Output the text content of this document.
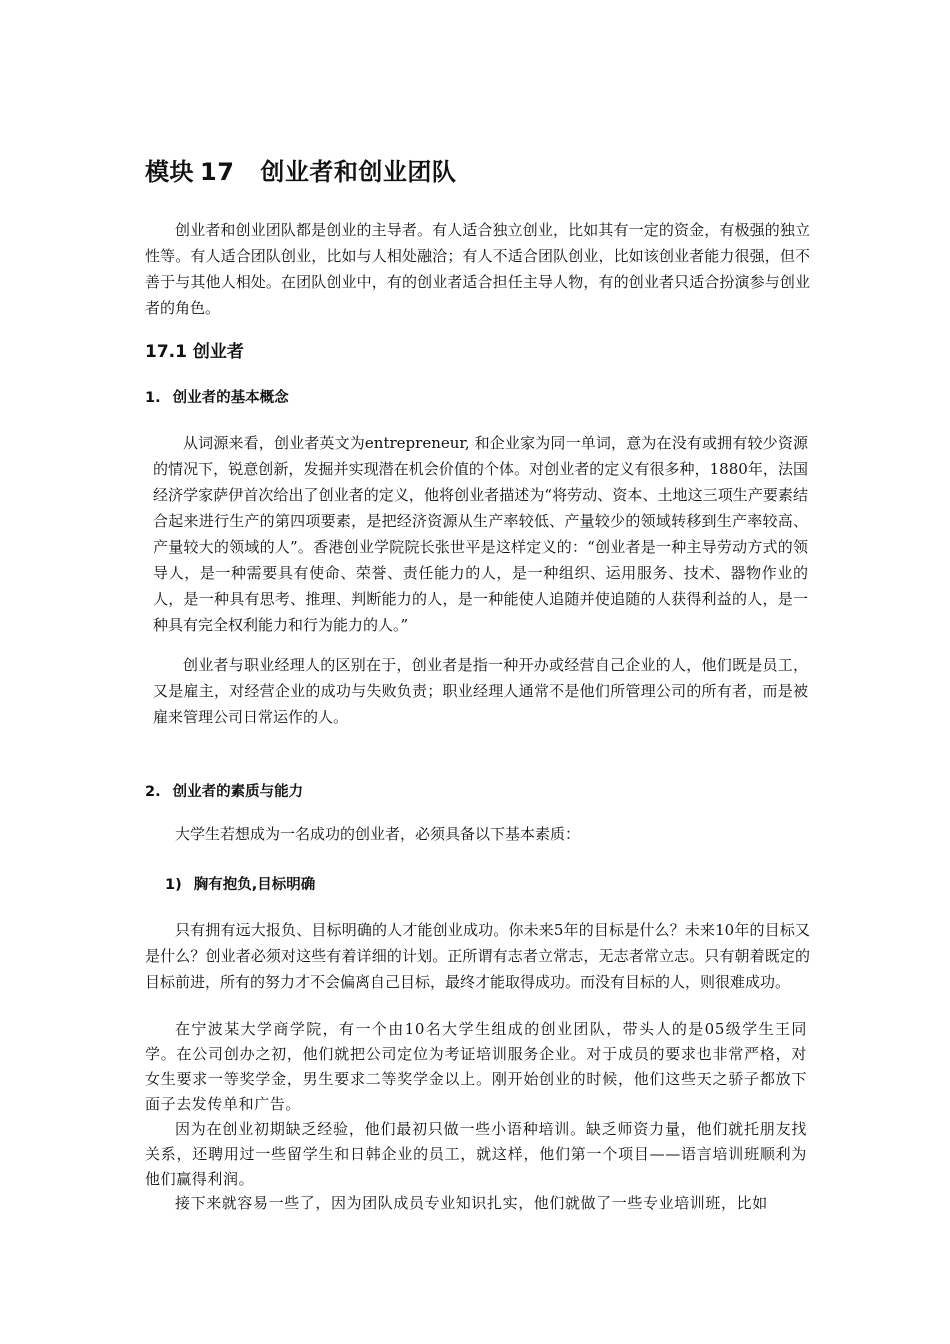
模块 17 创业者和创业团队

创业者和创业团队都是创业的主导者。有人适合独立创业，比如其有一定的资金，有极强的独立性等。有人适合团队创业，比如与人相处融洽；有人不适合团队创业，比如该创业者能力很强，但不善于与其他人相处。在团队创业中，有的创业者适合担任主导人物，有的创业者只适合扮演参与创业者的角色。

17.1 创业者
1. 创业者的基本概念

从词源来看，创业者英文为entrepreneur, 和企业家为同一单词，意为在没有或拥有较少资源的情况下，锐意创新，发掘并实现潜在机会价值的个体。对创业者的定义有很多种，1880年，法国经济学家萨伊首次给出了创业者的定义，他将创业者描述为“将劳动、资本、土地这三项生产要素结合起来进行生产的第四项要素，是把经济资源从生产率较低、产量较少的领域转移到生产率较高、产量较大的领域的人”。香港创业学院院长张世平是这样定义的：“创业者是一种主导劳动方式的领导人，是一种需要具有使命、荣誉、责任能力的人，是一种组织、运用服务、技术、器物作业的人，是一种具有思考、推理、判断能力的人，是一种能使人追随并使追随的人获得利益的人，是一种具有完全权利能力和行为能力的人。”

创业者与职业经理人的区别在于，创业者是指一种开办或经营自己企业的人，他们既是员工，又是雇主，对经营企业的成功与失败负责；职业经理人通常不是他们所管理公司的所有者，而是被雇来管理公司日常运作的人。

2. 创业者的素质与能力

大学生若想成为一名成功的创业者，必须具备以下基本素质：

1) 胸有抱负,目标明确

只有拥有远大报负、目标明确的人才能创业成功。你未来5年的目标是什么？未来10年的目标又是什么？创业者必须对这些有着详细的计划。正所谓有志者立常志，无志者常立志。只有朝着既定的目标前进，所有的努力才不会偏离自己目标，最终才能取得成功。而没有目标的人，则很难成功。

在宁波某大学商学院，有一个由10名大学生组成的创业团队，带头人的是05级学生王同学。在公司创办之初，他们就把公司定位为考证培训服务企业。对于成员的要求也非常严格，对女生要求一等奖学金，男生要求二等奖学金以上。刚开始创业的时候，他们这些天之骄子都放下面子去发传单和广告。

因为在创业初期缺乏经验，他们最初只做一些小语种培训。缺乏师资力量，他们就托朋友找关系，还聘用过一些留学生和日韩企业的员工，就这样，他们第一个项目——语言培训班顺利为他们赢得利润。

接下来就容易一些了，因为团队成员专业知识扎实，他们就做了一些专业培训班，比如
